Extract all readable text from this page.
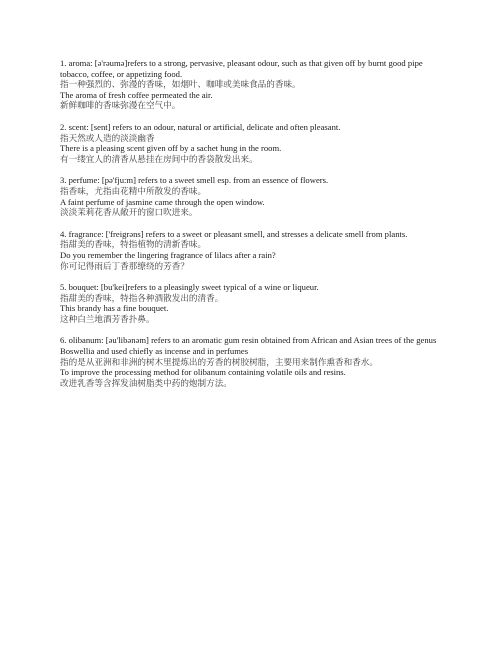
1. aroma: [ə'rəumə]refers to a strong, pervasive, pleasant odour, such as that given off by burnt good pipe tobacco, coffee, or appetizing food.

指一种强烈的、弥漫的香味，如烟叶、咖啡或美味食品的香味。

The aroma of fresh coffee permeated the air.

新鲜咖啡的香味弥漫在空气中。

2. scent: [sent] refers to an odour, natural or artificial, delicate and often pleasant.

指天然或人造的淡淡幽香

There is a pleasing scent given off by a sachet hung in the room.

有一缕宜人的清香从悬挂在房间中的香袋散发出来。

3. perfume: [pə'fju:m] refers to a sweet smell esp. from an essence of flowers.

指香味，尤指由花精中所散发的香味。

A faint perfume of jasmine came through the open window.

淡淡茉莉花香从敞开的窗口吹进来。

4. fragrance: ['freigrəns] refers to a sweet or pleasant smell, and stresses a delicate smell from plants.

指甜美的香味，特指植物的清新香味。

Do you remember the lingering fragrance of lilacs after a rain?

你可记得雨后丁香那缭绕的芳香？

5. bouquet: [bu'kei]refers to a pleasingly sweet typical of a wine or liqueur.

指甜美的香味，特指各种酒散发出的清香。

This brandy has a fine bouquet.

这种白兰地酒芳香扑鼻。

6. olibanum: [əu'libənəm] refers to an aromatic gum resin obtained from African and Asian trees of the genus Boswellia and used chiefly as incense and in perfumes

指的是从亚洲和非洲的树木里提炼出的芳香的树胶树脂，主要用来制作熏香和香水。

To improve the processing method for olibanum containing volatile oils and resins.

改进乳香等含挥发油树脂类中药的炮制方法。
